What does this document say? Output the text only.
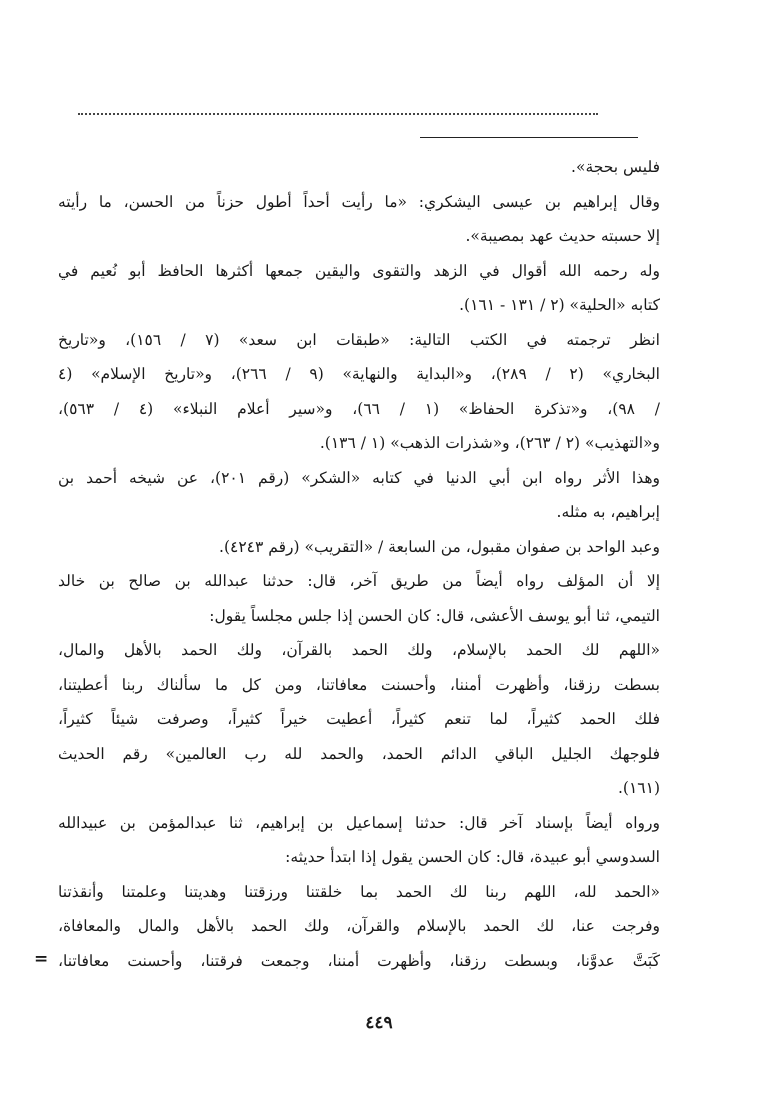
فليس بحجة».
وقال إبراهيم بن عيسى اليشكري: «ما رأيت أحداً أطول حزناً من الحسن، ما رأيته
إلا حسبته حديث عهد بمصيبة».
وله رحمه الله أقوال في الزهد والتقوى واليقين جمعها أكثرها الحافظ أبو نُعيم في
كتابه «الحلية» (٢ / ١٣١ - ١٦١).
انظر ترجمته في الكتب التالية: «طبقات ابن سعد» (٧ / ١٥٦)، و«تاريخ
البخاري» (٢ / ٢٨٩)، و«البداية والنهاية» (٩ / ٢٦٦)، و«تاريخ الإسلام» (٤
/ ٩٨)، و«تذكرة الحفاظ» (١ / ٦٦)، و«سير أعلام النبلاء» (٤ / ٥٦٣)،
و«التهذيب» (٢ / ٢٦٣)، و«شذرات الذهب» (١ / ١٣٦).
وهذا الأثر رواه ابن أبي الدنيا في كتابه «الشكر» (رقم ٢٠١)، عن شيخه أحمد بن
إبراهيم، به مثله.
وعبد الواحد بن صفوان مقبول، من السابعة / «التقريب» (رقم ٤٢٤٣).
إلا أن المؤلف رواه أيضاً من طريق آخر، قال: حدثنا عبدالله بن صالح بن خالد
التيمي، ثنا أبو يوسف الأعشى، قال: كان الحسن إذا جلس مجلساً يقول:
«اللهم لك الحمد بالإسلام، ولك الحمد بالقرآن، ولك الحمد بالأهل والمال،
بسطت رزقنا، وأظهرت أمننا، وأحسنت معافاتنا، ومن كل ما سألناك ربنا أعطيتنا،
فلك الحمد كثيراً، لما تنعم كثيراً، أعطيت خيراً كثيراً، وصرفت شيئاً كثيراً،
فلوجهك الجليل الباقي الدائم الحمد، والحمد لله رب العالمين» رقم الحديث
(١٦١).
ورواه أيضاً بإسناد آخر قال: حدثنا إسماعيل بن إبراهيم، ثنا عبدالمؤمن بن عبيدالله
السدوسي أبو عبيدة، قال: كان الحسن يقول إذا ابتدأ حديثه:
«الحمد لله، اللهم ربنا لك الحمد بما خلقتنا ورزقتنا وهديتنا وعلمتنا وأنقذتنا
وفرجت عنا، لك الحمد بالإسلام والقرآن، ولك الحمد بالأهل والمال والمعافاة،
كَبَتَّ عدوَّنا، وبسطت رزقنا، وأظهرت أمننا، وجمعت فرقتنا، وأحسنت معافاتنا،
=
٤٤٩
